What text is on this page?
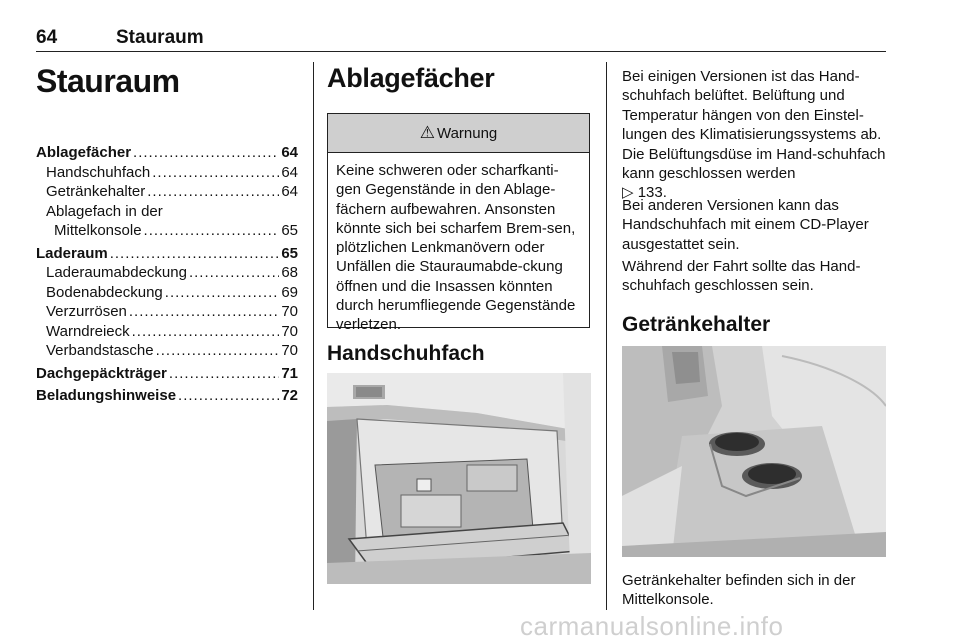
64	Stauraum
Stauraum
Ablagefächer .....	64
Handschuhfach .....	64
Getränkehalter .....	64
Ablagefach in der
Mittelkonsole .....	65
Laderaum .....	65
Laderaumabdeckung .....	68
Bodenabdeckung .....	69
Verzurrösen .....	70
Warndreieck .....	70
Verbandstasche .....	70
Dachgepäckträger .....	71
Beladungshinweise .....	72
Ablagefächer
⚠ Warnung
Keine schweren oder scharfkanti-gen Gegenstände in den Ablage-fächern aufbewahren. Ansonsten könnte sich bei scharfem Brem-sen, plötzlichen Lenkmanövern oder Unfällen die Stauraumabde-ckung öffnen und die Insassen könnten durch herumfliegende Gegenstände verletzen.
Handschuhfach
Bei einigen Versionen ist das Hand-schuhfach belüftet. Belüftung und Temperatur hängen von den Einstel-lungen des Klimatisierungssystems ab. Die Belüftungsdüse im Hand-schuhfach kann geschlossen werden
▷ 133.
Bei anderen Versionen kann das Handschuhfach mit einem CD-Player ausgestattet sein.
Während der Fahrt sollte das Hand-schuhfach geschlossen sein.
Getränkehalter
Getränkehalter befinden sich in der Mittelkonsole.
carmanualsonline.info
